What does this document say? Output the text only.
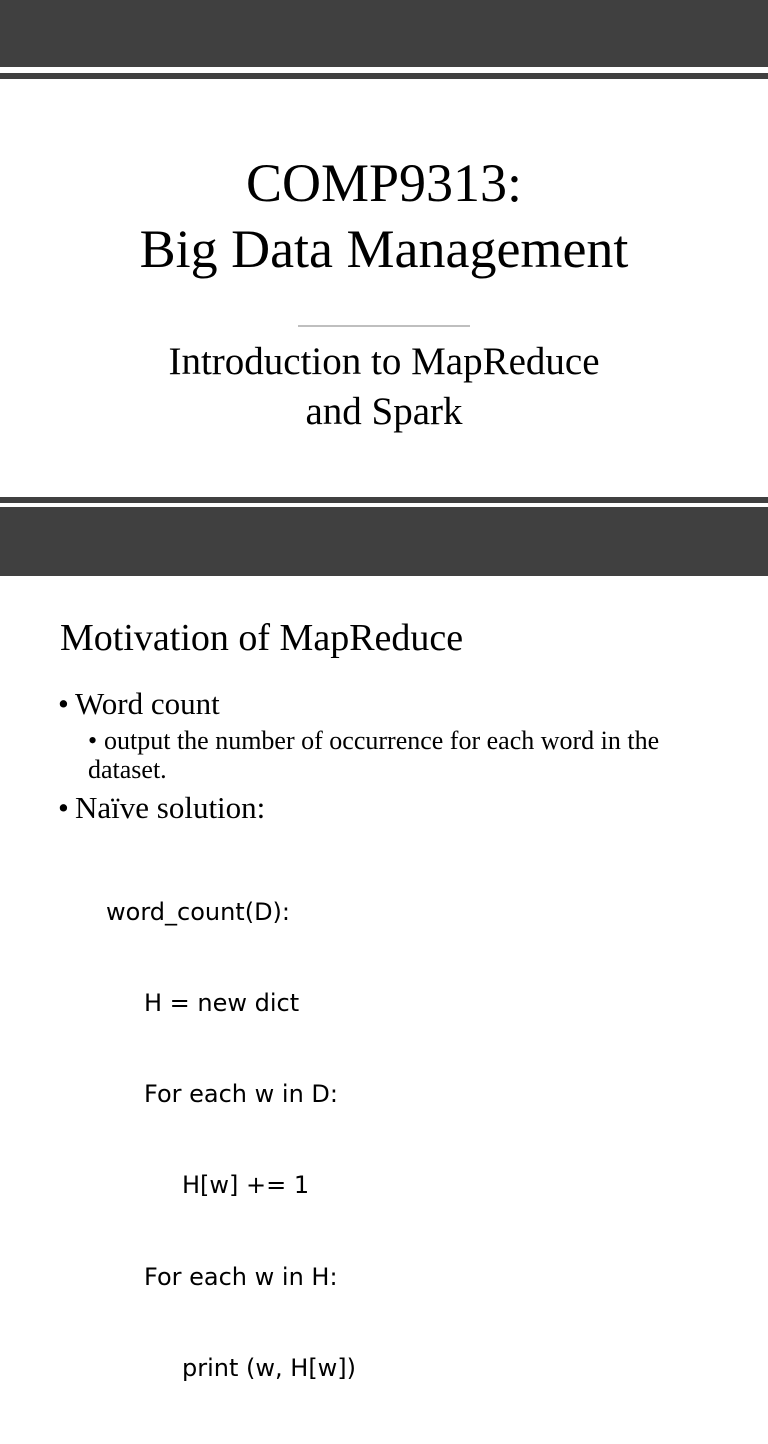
COMP9313:
Big Data Management
Introduction to MapReduce
and Spark
Motivation of MapReduce
• Word count
• output the number of occurrence for each word in the dataset.
• Naïve solution:

word_count(D):

H = new dict

For each w in D:

H[w] += 1

For each w in H:

print (w, H[w])
